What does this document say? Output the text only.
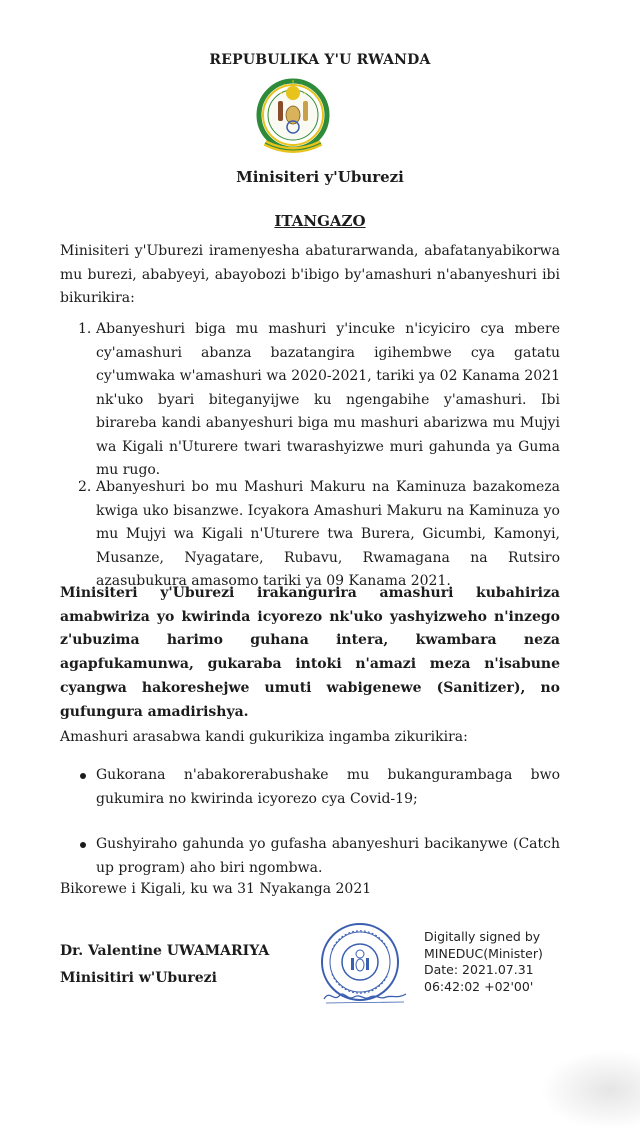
REPUBULIKA Y'U RWANDA
Minisiteri y'Uburezi
ITANGAZO
Minisiteri y'Uburezi iramenyesha abaturarwanda, abafatanyabikorwa mu burezi, ababyeyi, abayobozi b'ibigo by'amashuri n'abanyeshuri ibi bikurikira:
1. Abanyeshuri biga mu mashuri y'incuke n'icyiciro cya mbere cy'amashuri abanza bazatangira igihembwe cya gatatu cy'umwaka w'amashuri wa 2020-2021, tariki ya 02 Kanama 2021 nk'uko byari biteganyijwe ku ngengabihe y'amashuri. Ibi birareba kandi abanyeshuri biga mu mashuri abarizwa mu Mujyi wa Kigali n'Uturere twari twarashyizwe muri gahunda ya Guma mu rugo.
2. Abanyeshuri bo mu Mashuri Makuru na Kaminuza bazakomeza kwiga uko bisanzwe. Icyakora Amashuri Makuru na Kaminuza yo mu Mujyi wa Kigali n'Uturere twa Burera, Gicumbi, Kamonyi, Musanze, Nyagatare, Rubavu, Rwamagana na Rutsiro azasubukura amasomo tariki ya 09 Kanama 2021.
Minisiteri y'Uburezi irakangurira amashuri kubahiriza amabwiriza yo kwirinda icyorezo nk'uko yashyizweho n'inzego z'ubuzima harimo guhana intera, kwambara neza agapfukamunwa, gukaraba intoki n'amazi meza n'isabune cyangwa hakoreshejwe umuti wabigenewe (Sanitizer), no gufungura amadirishya.
Amashuri arasabwa kandi gukurikiza ingamba zikurikira:
Gukorana n'abakorerabushake mu bukangurambaga bwo gukumira no kwirinda icyorezo cya Covid-19;
Gushyiraho gahunda yo gufasha abanyeshuri bacikanywe (Catch up program) aho biri ngombwa.
Bikorewe i Kigali, ku wa 31 Nyakanga 2021
Dr. Valentine UWAMARIYA
Minisitiri w'Uburezi
Digitally signed by
MINEDUC(Minister)
Date: 2021.07.31
06:42:02 +02'00'
